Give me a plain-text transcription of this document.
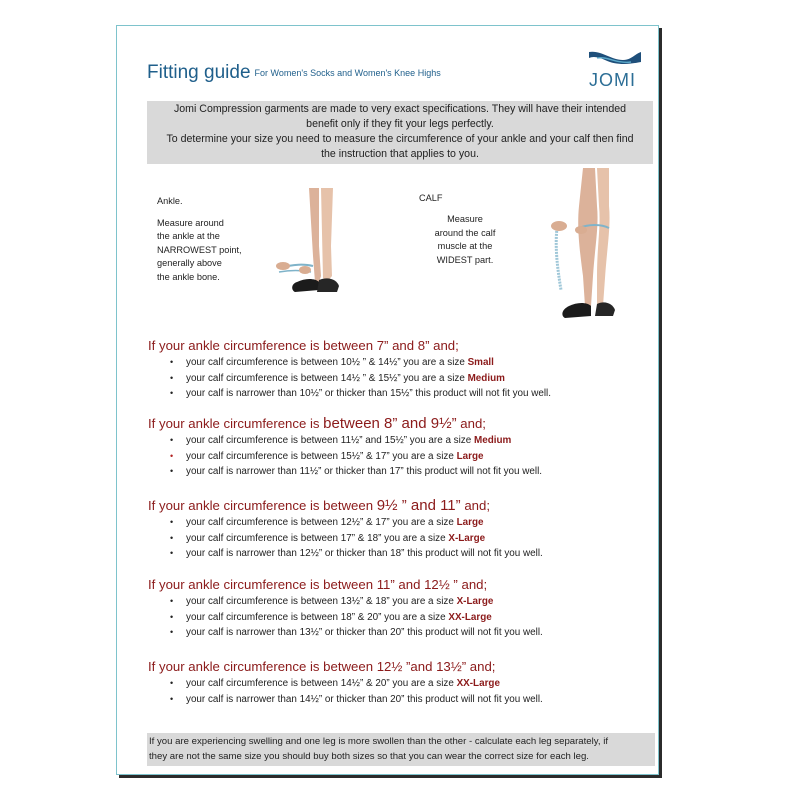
Fitting guide For Women's Socks and Women's Knee Highs	JOMI

Jomi Compression garments are made to very exact specifications. They will have their intended

benefit only if they fit your legs perfectly.

To determine your size you need to measure the circumference of your ankle and your calf then find

the instruction that applies to you.

Ankle.
Measure around
the ankle at the
NARROWEST point,
generally above
the ankle bone.
CALF
Measure
around the calf
muscle at the
WIDEST part.
If your ankle circumference is between 7” and 8” and;
• your calf circumference is between 10½ ” & 14½” you are a size Small
• your calf circumference is between 14½ ” & 15½” you are a size Medium
• your calf is narrower than 10½” or thicker than 15½” this product will not fit you well.
If your ankle circumference is between 8” and 9½” and;
• your calf circumference is between 11½” and 15½” you are a size Medium
• your calf circumference is between 15½” & 17” you are a size Large
• your calf is narrower than 11½” or thicker than 17” this product will not fit you well.
If your ankle circumference is between 9½ ” and 11” and;
• your calf circumference is between 12½” & 17” you are a size Large
• your calf circumference is between 17” & 18” you are a size X-Large
• your calf is narrower than 12½” or thicker than 18” this product will not fit you well.
If your ankle circumference is between 11” and 12½ ” and;
• your calf circumference is between 13½” & 18” you are a size X-Large
• your calf circumference is between 18” & 20” you are a size XX-Large
• your calf is narrower than 13½” or thicker than 20” this product will not fit you well.
If your ankle circumference is between 12½ ”and 13½” and;
• your calf circumference is between 14½” & 20” you are a size XX-Large
• your calf is narrower than 14½” or thicker than 20” this product will not fit you well.

If you are experiencing swelling and one leg is more swollen than the other - calculate each leg separately, if

they are not the same size you should buy both sizes so that you can wear the correct size for each leg.
